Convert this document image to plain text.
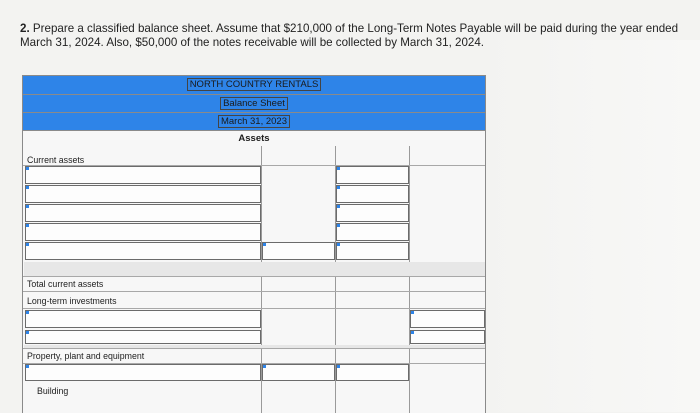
2. Prepare a classified balance sheet. Assume that $210,000 of the Long-Term Notes Payable will be paid during the year ended March 31, 2024. Also, $50,000 of the notes receivable will be collected by March 31, 2024.
NORTH COUNTRY RENTALS
Balance Sheet
March 31, 2023
Assets
Current assets
Total current assets
Long-term investments
Property, plant and equipment
Building
